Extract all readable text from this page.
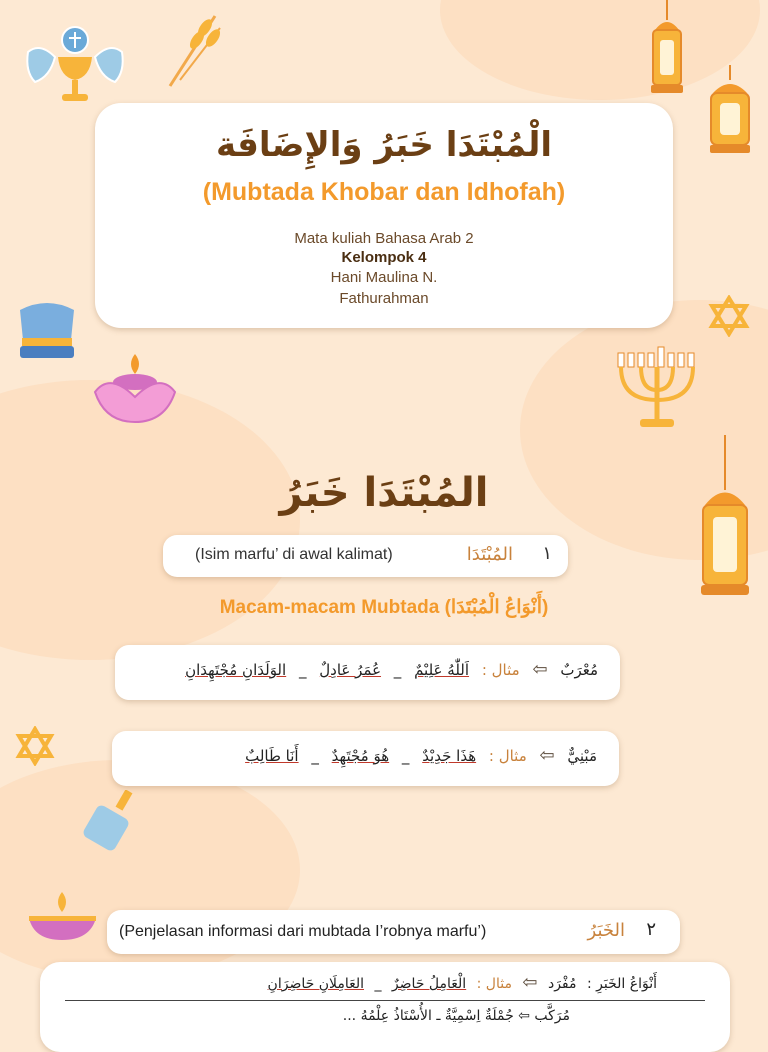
الْمُبْتَدَا خَبَرُ وَالإِضَافَة
(Mubtada Khobar dan Idhofah)
Mata kuliah Bahasa Arab 2
Kelompok 4
Hani Maulina N.
Fathurahman
المُبْتَدَا خَبَرُ
(Isim marfu’ di awal kalimat)	المُبْتَدَا ١
Macam-macam Mubtada (أَنْوَاعُ الْمُبْتَدَا)
مُعْرَبٌ ⇦ مثال : اَللّٰهُ عَلِيْمٌ _ عُمَرُ عَادِلٌ _ الوَلَدَانِ مُجْتَهِدَانِ
مَبْنِيٌّ ⇦ مثال : هَذَا جَدِيْدٌ _ هُوَ مُجْتَهِدٌ _ أَنَا طَالِبٌ
(Penjelasan informasi dari mubtada I’robnya marfu’)	الخَبَرُ ٢
أَنْوَاعُ الخَبَرِ : مُفْرَد ⇦ مثال : الْعَامِلُ حَاضِرٌ _ العَامِلَانِ حَاضِرَانِ
مُرَكَّب ⇦ جُمْلَةٌ اِسْمِيَّةٌ ـ الأُسْتَاذُ عِلْمُهُ ...
